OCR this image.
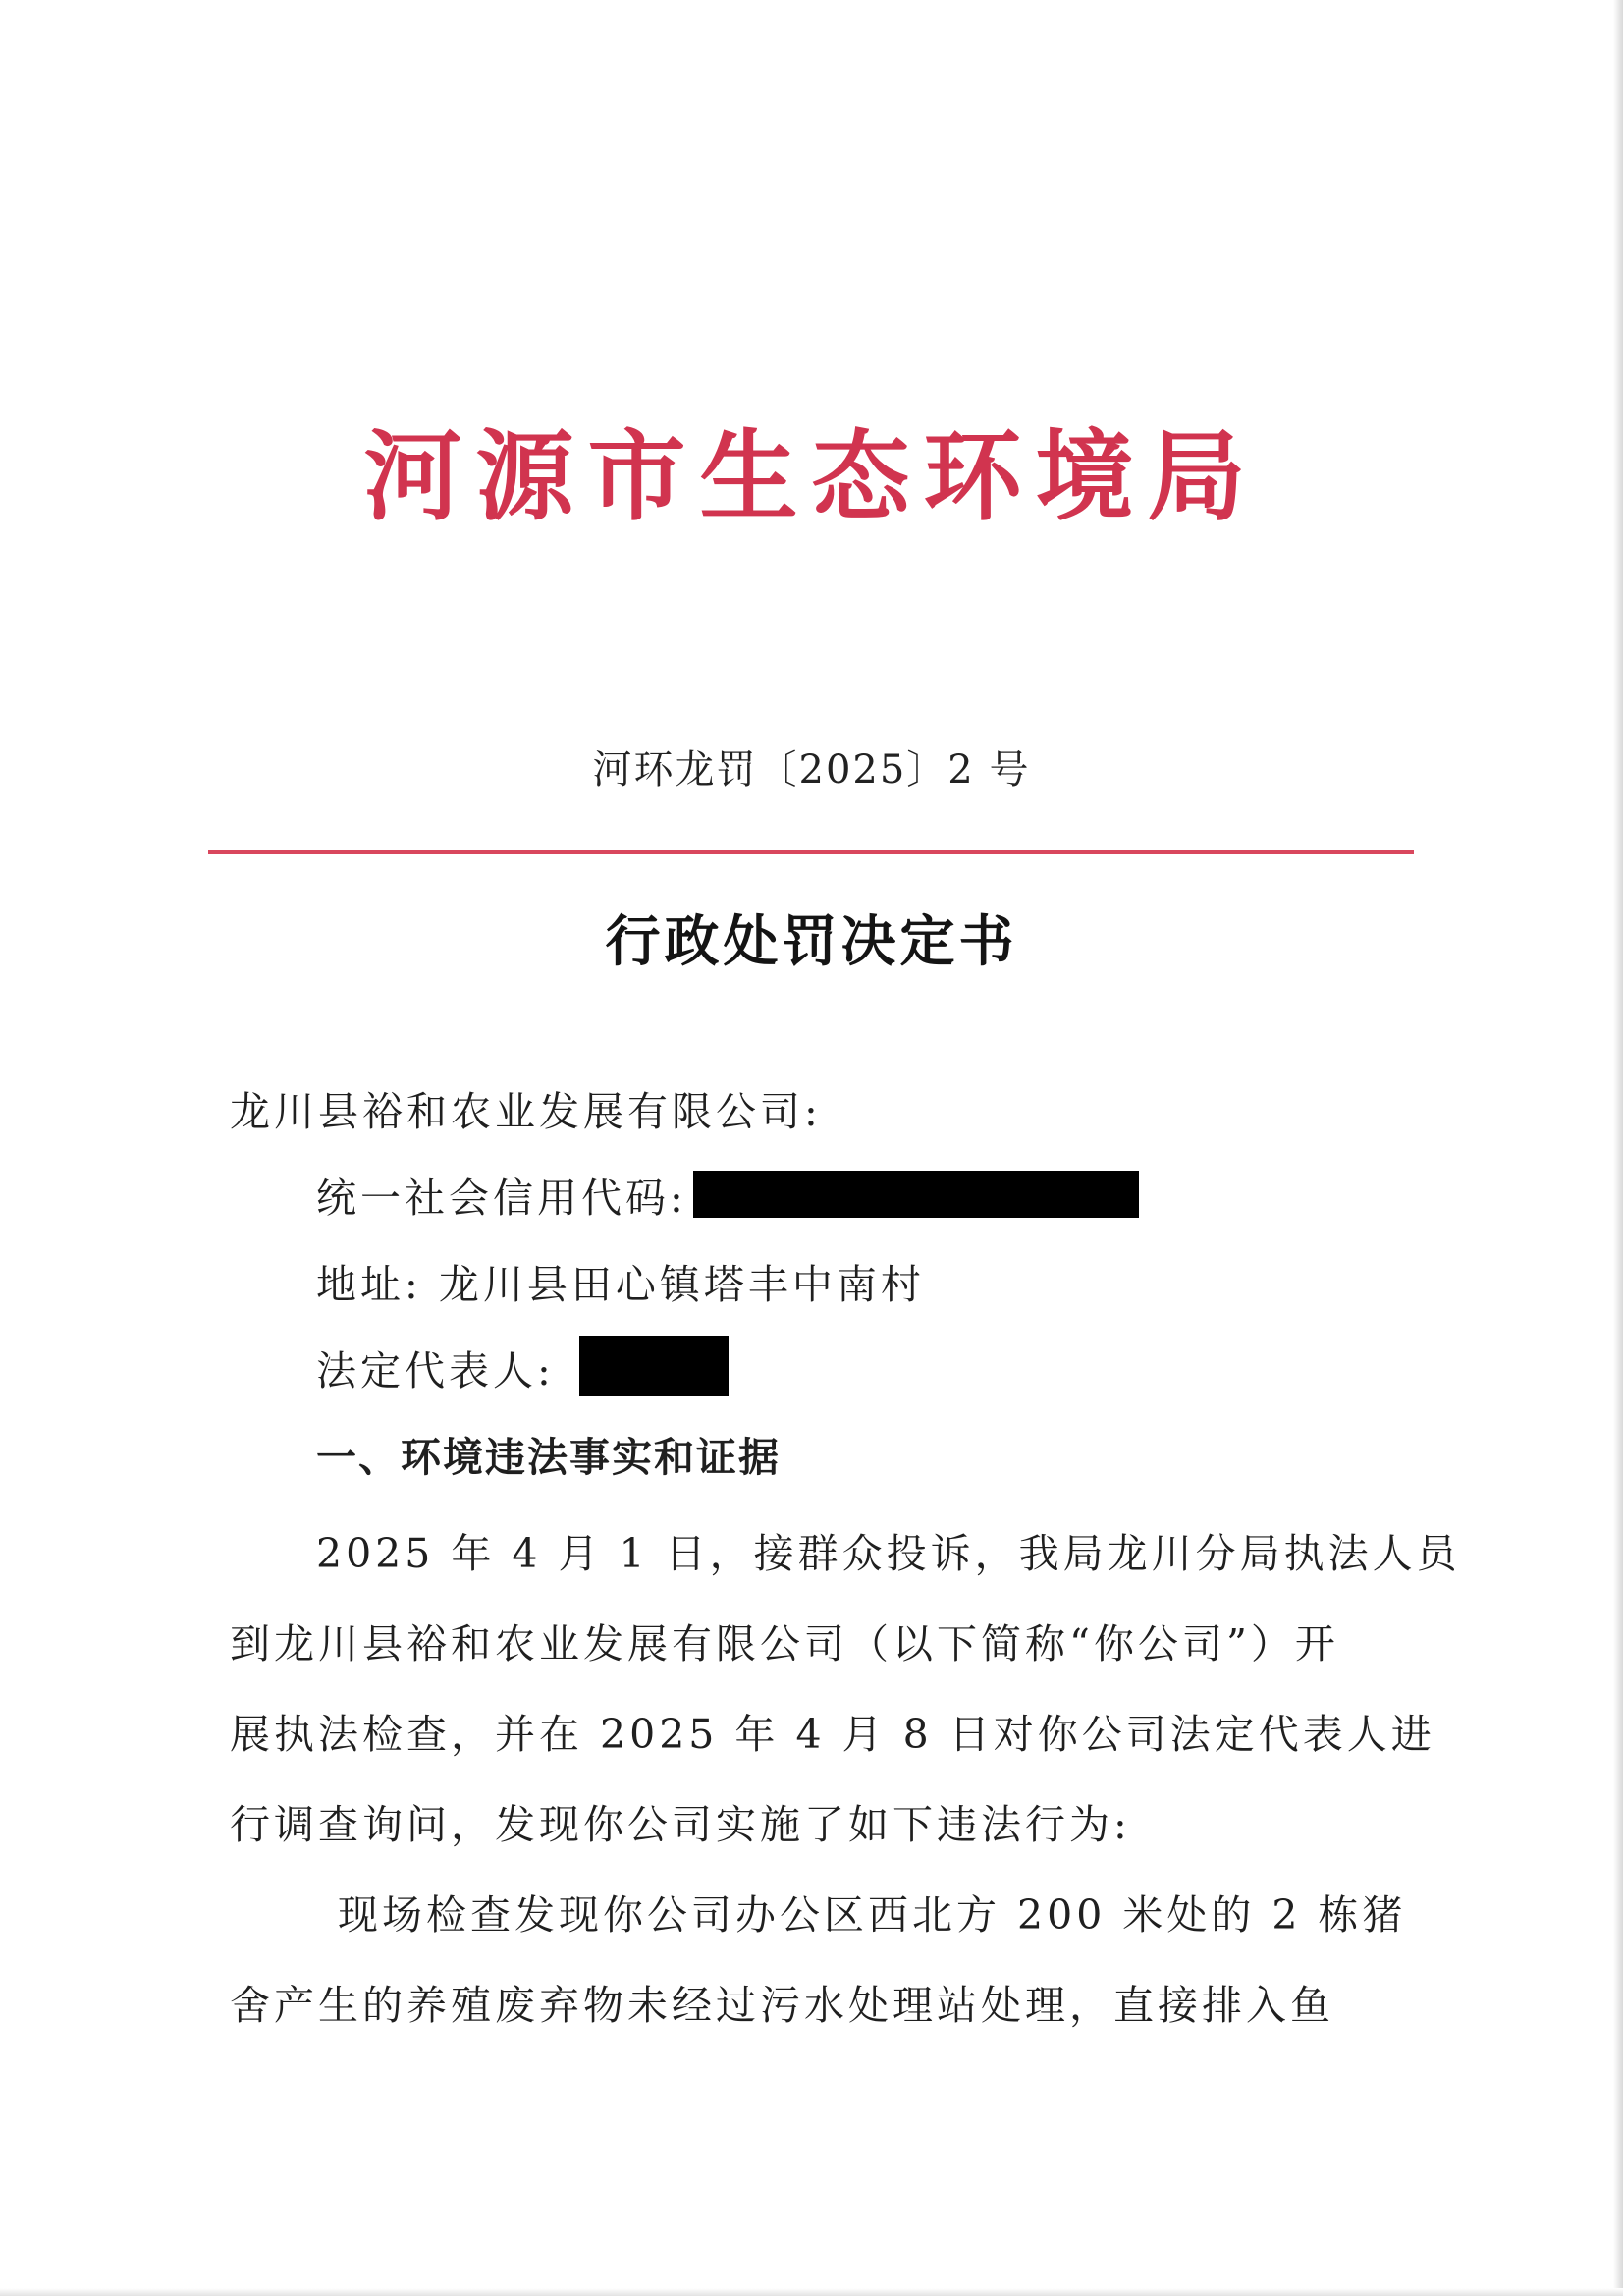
河源市生态环境局
河环龙罚〔2025〕2 号
行政处罚决定书
龙川县裕和农业发展有限公司:
统一社会信用代码:
地址: 龙川县田心镇塔丰中南村
法定代表人:
一、环境违法事实和证据
2025 年 4 月 1 日，接群众投诉，我局龙川分局执法人员
到龙川县裕和农业发展有限公司（以下简称“你公司”）开
展执法检查，并在 2025 年 4 月 8 日对你公司法定代表人进
行调查询问，发现你公司实施了如下违法行为:
现场检查发现你公司办公区西北方 200 米处的 2 栋猪
舍产生的养殖废弃物未经过污水处理站处理，直接排入鱼
